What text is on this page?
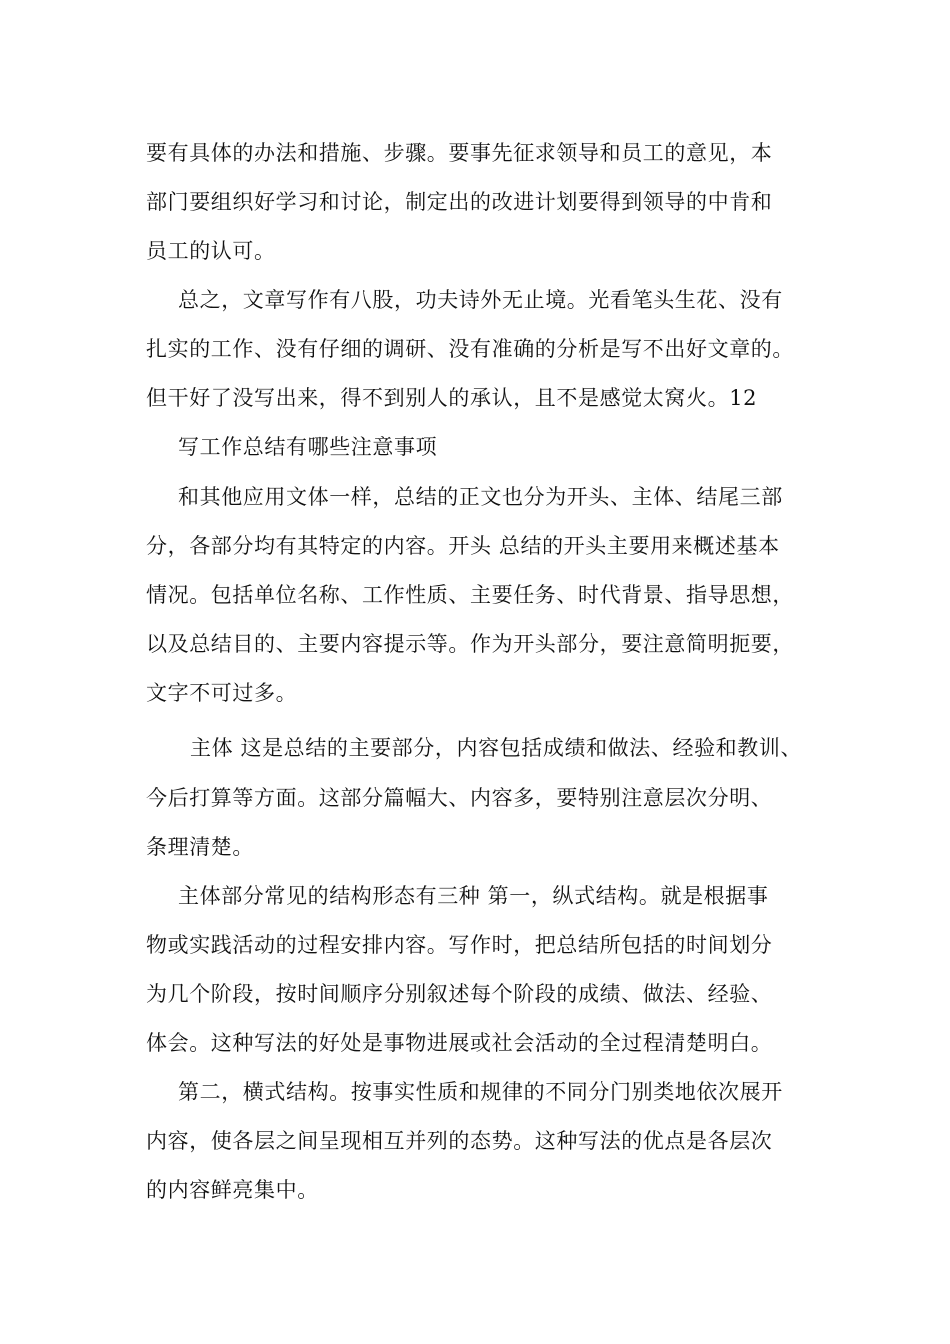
要有具体的办法和措施、步骤。要事先征求领导和员工的意见，本
部门要组织好学习和讨论，制定出的改进计划要得到领导的中肯和
员工的认可。
总之，文章写作有八股，功夫诗外无止境。光看笔头生花、没有
扎实的工作、没有仔细的调研、没有准确的分析是写不出好文章的。
但干好了没写出来，得不到别人的承认，且不是感觉太窝火。12
写工作总结有哪些注意事项
和其他应用文体一样，总结的正文也分为开头、主体、结尾三部
分，各部分均有其特定的内容。开头 总结的开头主要用来概述基本
情况。包括单位名称、工作性质、主要任务、时代背景、指导思想，
以及总结目的、主要内容提示等。作为开头部分，要注意简明扼要，
文字不可过多。
主体 这是总结的主要部分，内容包括成绩和做法、经验和教训、
今后打算等方面。这部分篇幅大、内容多，要特别注意层次分明、
条理清楚。
主体部分常见的结构形态有三种 第一，纵式结构。就是根据事
物或实践活动的过程安排内容。写作时，把总结所包括的时间划分
为几个阶段，按时间顺序分别叙述每个阶段的成绩、做法、经验、
体会。这种写法的好处是事物进展或社会活动的全过程清楚明白。
第二，横式结构。按事实性质和规律的不同分门别类地依次展开
内容，使各层之间呈现相互并列的态势。这种写法的优点是各层次
的内容鲜亮集中。
